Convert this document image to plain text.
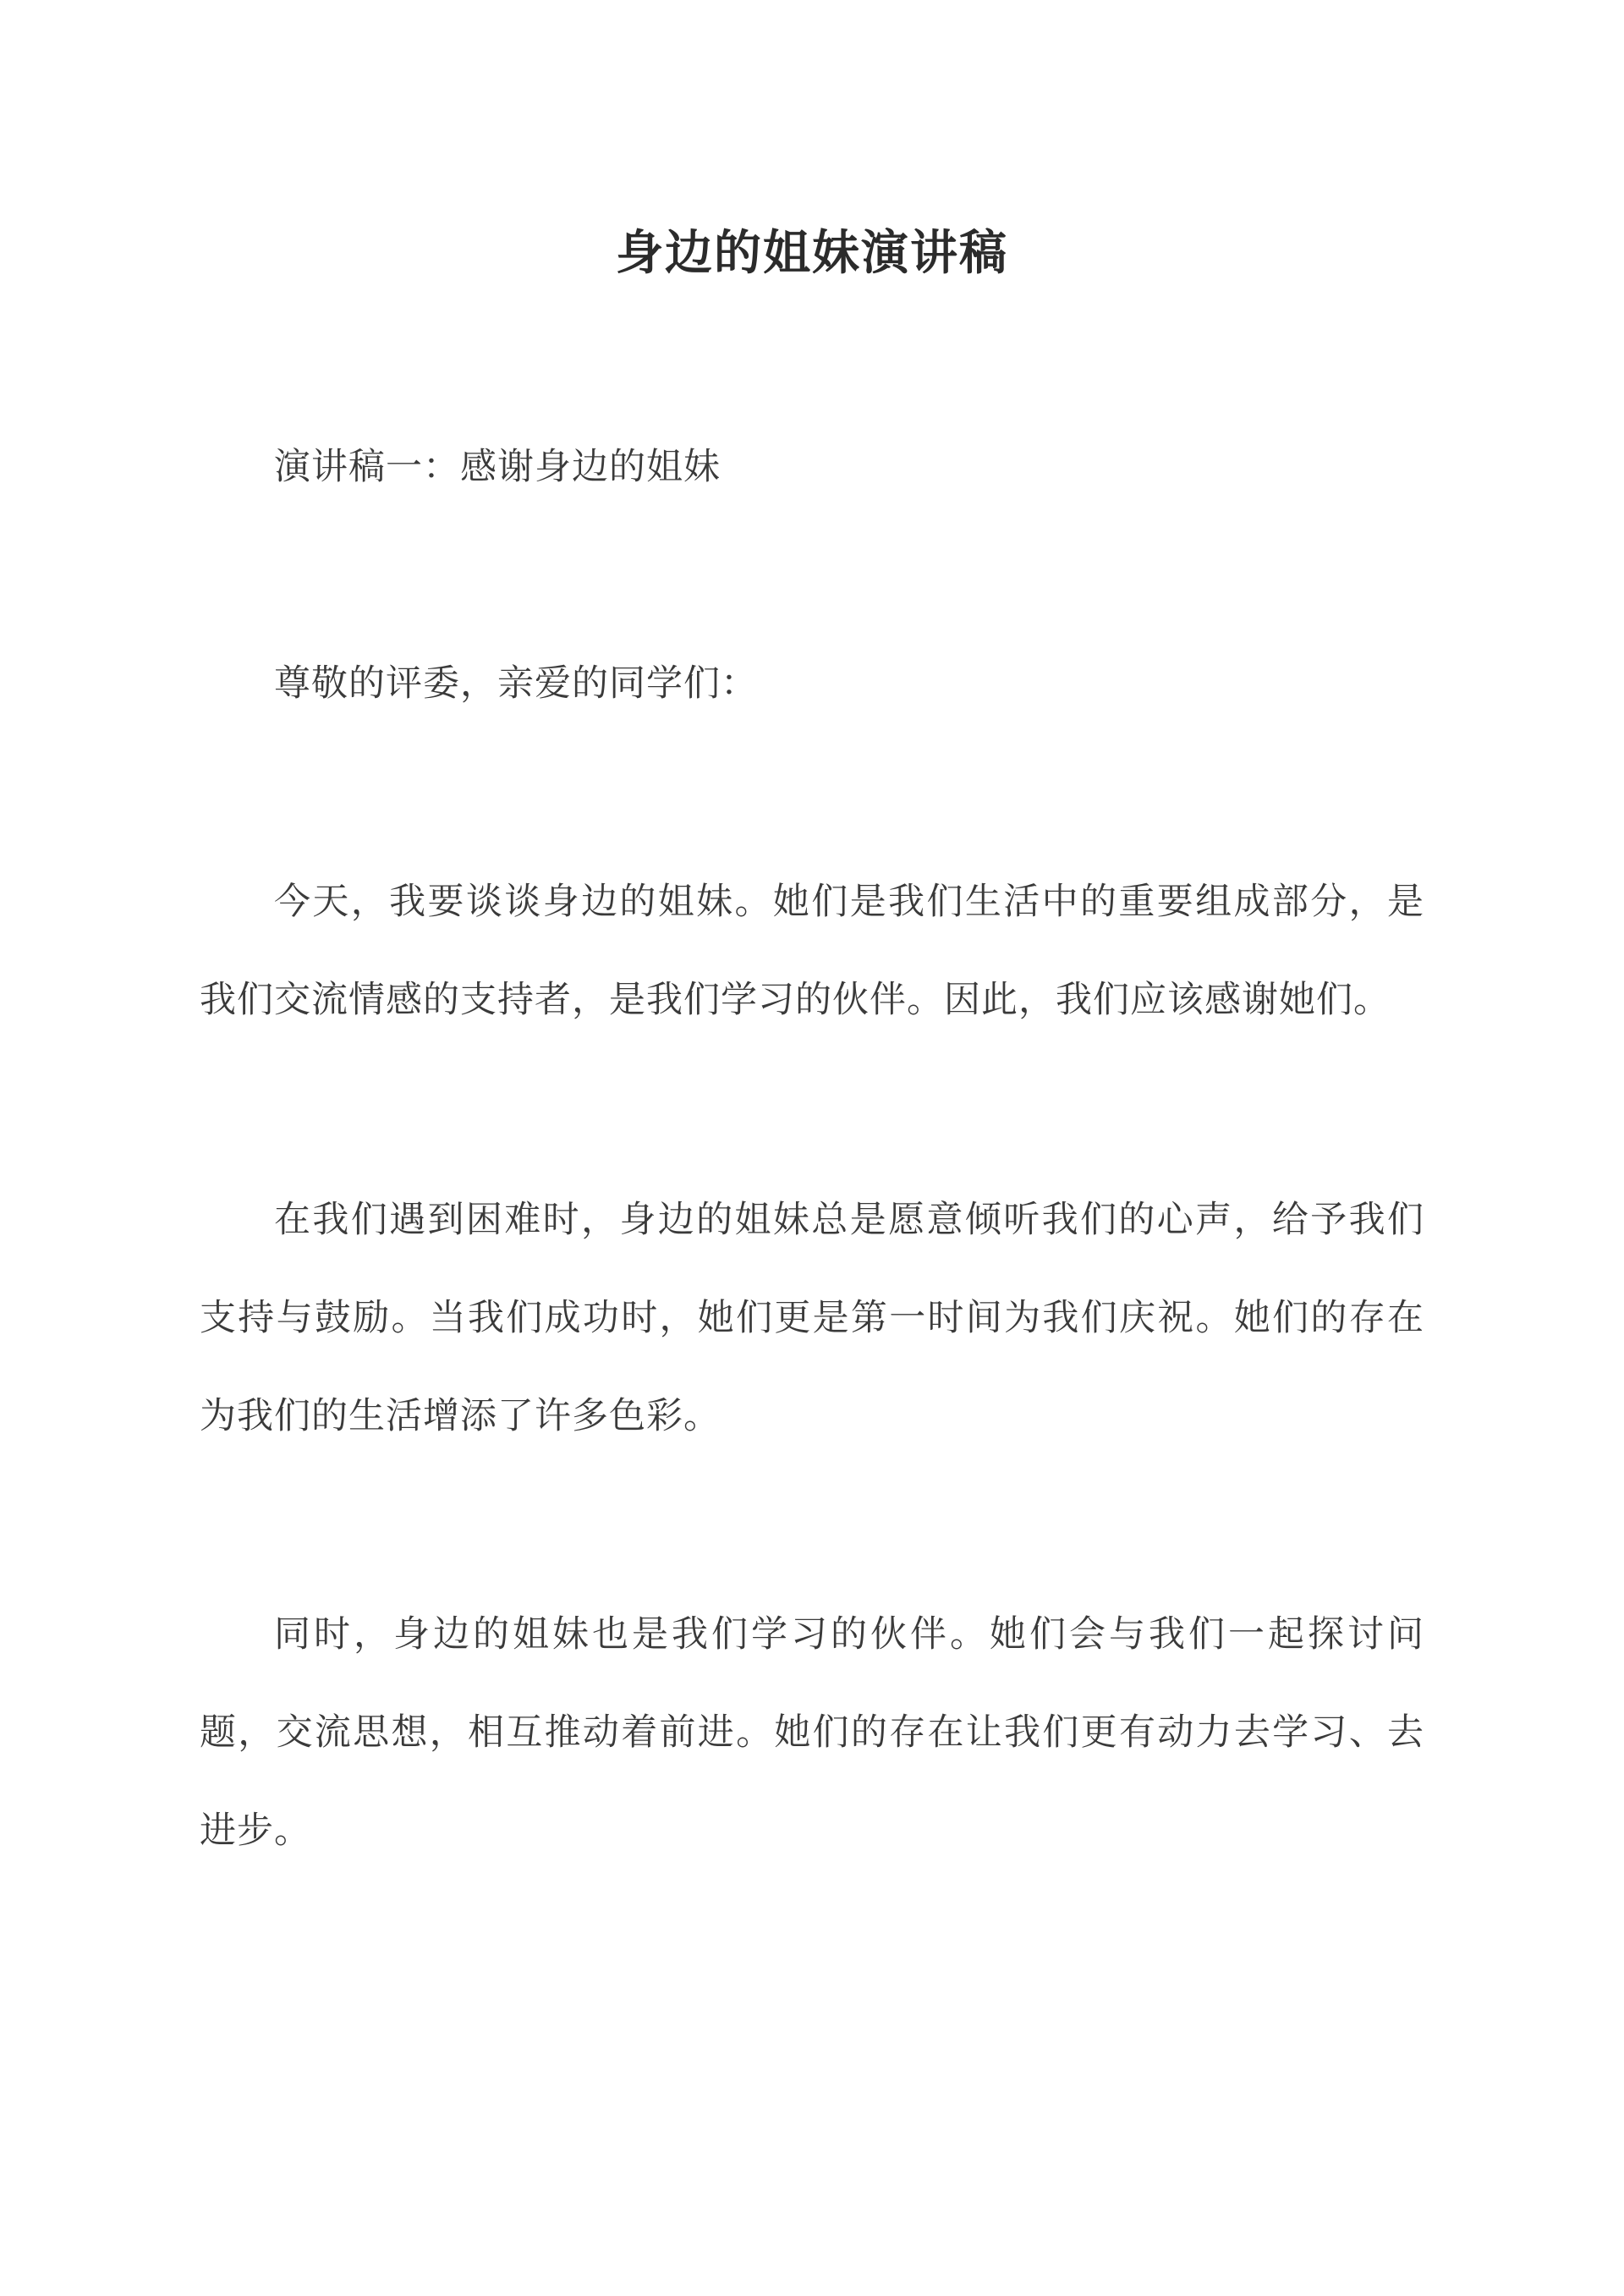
身边的姐妹演讲稿

演讲稿一：感谢身边的姐妹

尊敬的评委，亲爱的同学们：

今天，我要谈谈身边的姐妹。她们是我们生活中的重要组成部分，是我们交流情感的支持者，是我们学习的伙伴。因此，我们应该感谢她们。

在我们遇到困难时，身边的姐妹总是愿意倾听我们的心声，给予我们支持与鼓励。当我们成功时，她们更是第一时间为我们庆祝。她们的存在为我们的生活增添了许多色彩。

同时，身边的姐妹也是我们学习的伙伴。她们会与我们一起探讨问题，交流思想，相互推动着前进。她们的存在让我们更有动力去学习、去进步。
